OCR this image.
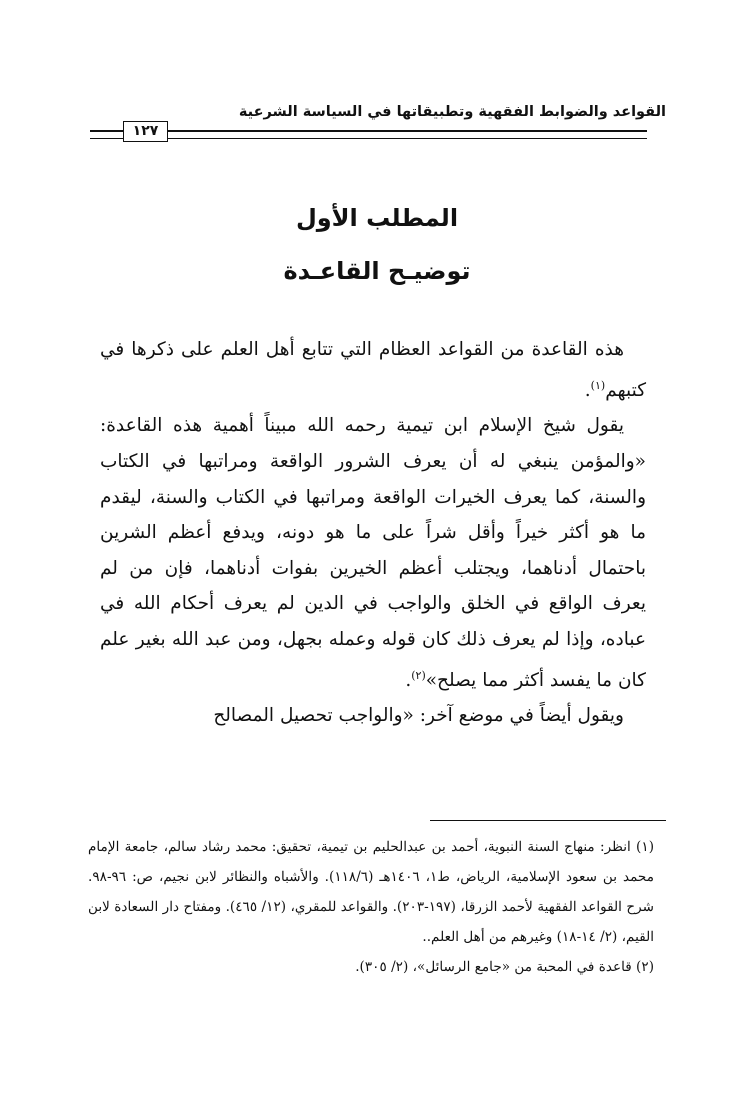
القواعد والضوابط الفقهية وتطبيقاتها في السياسة الشرعية
١٢٧
المطلب الأول
توضيـح القاعـدة

هذه القاعدة من القواعد العظام التي تتابع أهل العلم على ذكرها في كتبهم$^{(١)}$.

يقول شيخ الإسلام ابن تيمية رحمه الله مبيناً أهمية هذه القاعدة: «والمؤمن ينبغي له أن يعرف الشرور الواقعة ومراتبها في الكتاب والسنة، كما يعرف الخيرات الواقعة ومراتبها في الكتاب والسنة، ليقدم ما هو أكثر خيراً وأقل شراً على ما هو دونه، ويدفع أعظم الشرين باحتمال أدناهما، ويجتلب أعظم الخيرين بفوات أدناهما، فإن من لم يعرف الواقع في الخلق والواجب في الدين لم يعرف أحكام الله في عباده، وإذا لم يعرف ذلك كان قوله وعمله بجهل، ومن عبد الله بغير علم كان ما يفسد أكثر مما يصلح»$^{(٢)}$.

ويقول أيضاً في موضع آخر: «والواجب تحصيل المصالح

(١) انظر: منهاج السنة النبوية، أحمد بن عبدالحليم بن تيمية، تحقيق: محمد رشاد سالم، جامعة الإمام محمد بن سعود الإسلامية، الرياض، ط١، ١٤٠٦هـ (١١٨/٦). والأشباه والنظائر لابن نجيم، ص: ٩٦-٩٨. شرح القواعد الفقهية لأحمد الزرقا، (١٩٧-٢٠٣). والقواعد للمقري، (١٢/ ٤٦٥). ومفتاح دار السعادة لابن القيم، (٢/ ١٤-١٨) وغيرهم من أهل العلم..

(٢) قاعدة في المحبة من «جامع الرسائل»، (٢/ ٣٠٥).
